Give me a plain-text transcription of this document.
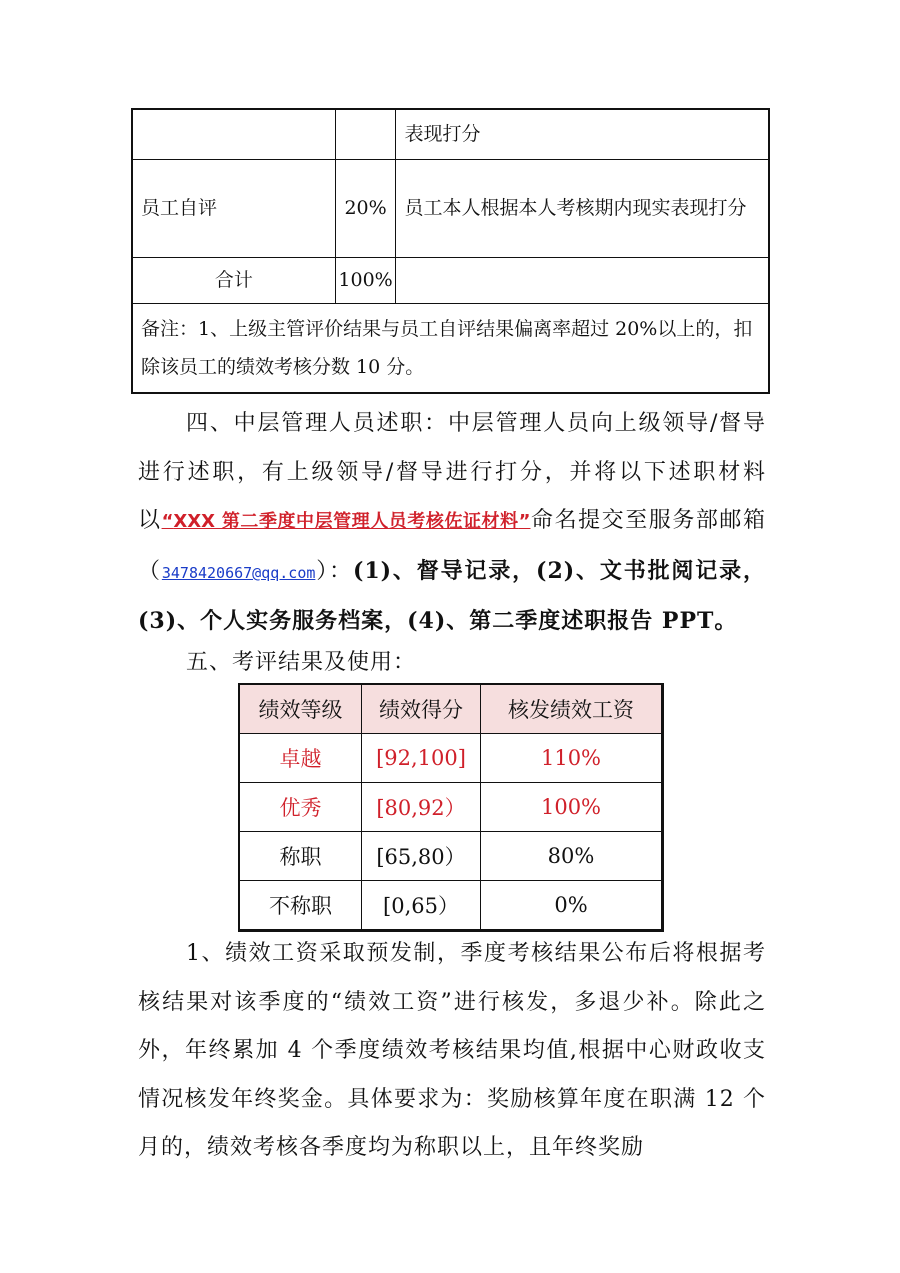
		表现打分
员工自评	20%	员工本人根据本人考核期内现实表现打分
合计	100%	
备注：1、上级主管评价结果与员工自评结果偏离率超过 20%以上的，扣除该员工的绩效考核分数 10 分。		

四、中层管理人员述职：中层管理人员向上级领导/督导进行述职，有上级领导/督导进行打分，并将以下述职材料以“XXX 第二季度中层管理人员考核佐证材料”命名提交至服务部邮箱（3478420667@qq.com）：(1)、督导记录，(2)、文书批阅记录，(3)、个人实务服务档案，(4)、第二季度述职报告 PPT。

五、考评结果及使用：
绩效等级	绩效得分	核发绩效工资
卓越	[92,100]	110%
优秀	[80,92）	100%
称职	[65,80）	80%
不称职	[0,65）	0%

1、绩效工资采取预发制，季度考核结果公布后将根据考核结果对该季度的“绩效工资”进行核发，多退少补。除此之外，年终累加 4 个季度绩效考核结果均值,根据中心财政收支情况核发年终奖金。具体要求为：奖励核算年度在职满 12 个月的，绩效考核各季度均为称职以上，且年终奖励
